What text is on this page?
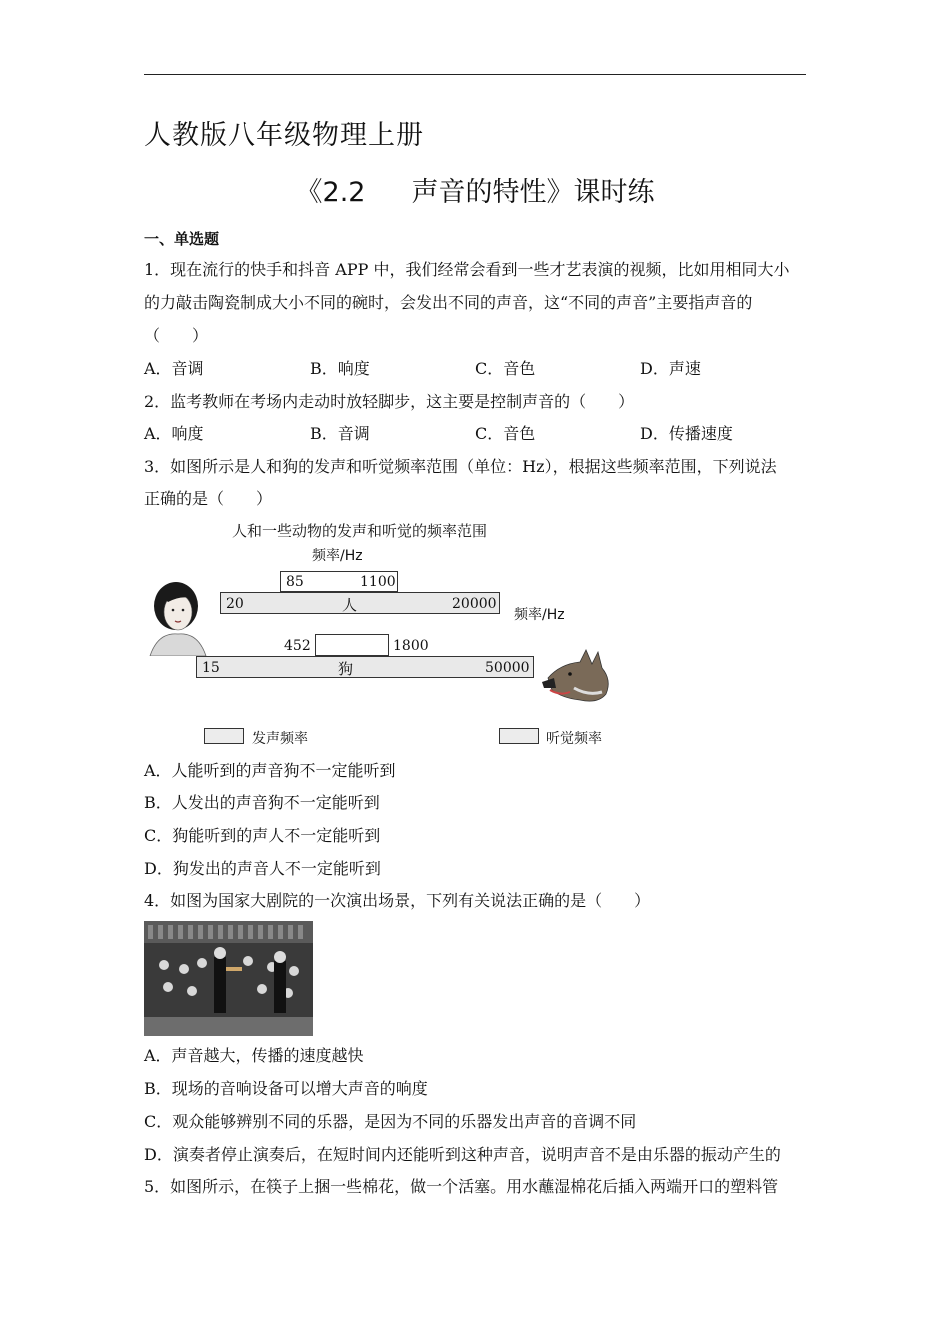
人教版八年级物理上册
《2.2 声音的特性》课时练
一、单选题
1．现在流行的快手和抖音 APP 中，我们经常会看到一些才艺表演的视频，比如用相同大小
的力敲击陶瓷制成大小不同的碗时，会发出不同的声音，这“不同的声音”主要指声音的
（　　）
A．音调	B．响度	C．音色	D．声速
2．监考教师在考场内走动时放轻脚步，这主要是控制声音的（　　）
A．响度	B．音调	C．音色	D．传播速度
3．如图所示是人和狗的发声和听觉频率范围（单位：Hz），根据这些频率范围，下列说法
正确的是（　　）
人和一些动物的发声和听觉的频率范围
频率/Hz
85	1100
20	人	20000
频率/Hz
452	1800
15	狗	50000
发声频率	听觉频率
A．人能听到的声音狗不一定能听到
B．人发出的声音狗不一定能听到
C．狗能听到的声人不一定能听到
D．狗发出的声音人不一定能听到
4．如图为国家大剧院的一次演出场景，下列有关说法正确的是（　　）
A．声音越大，传播的速度越快
B．现场的音响设备可以增大声音的响度
C．观众能够辨别不同的乐器，是因为不同的乐器发出声音的音调不同
D．演奏者停止演奏后，在短时间内还能听到这种声音，说明声音不是由乐器的振动产生的
5．如图所示，在筷子上捆一些棉花，做一个活塞。用水蘸湿棉花后插入两端开口的塑料管
